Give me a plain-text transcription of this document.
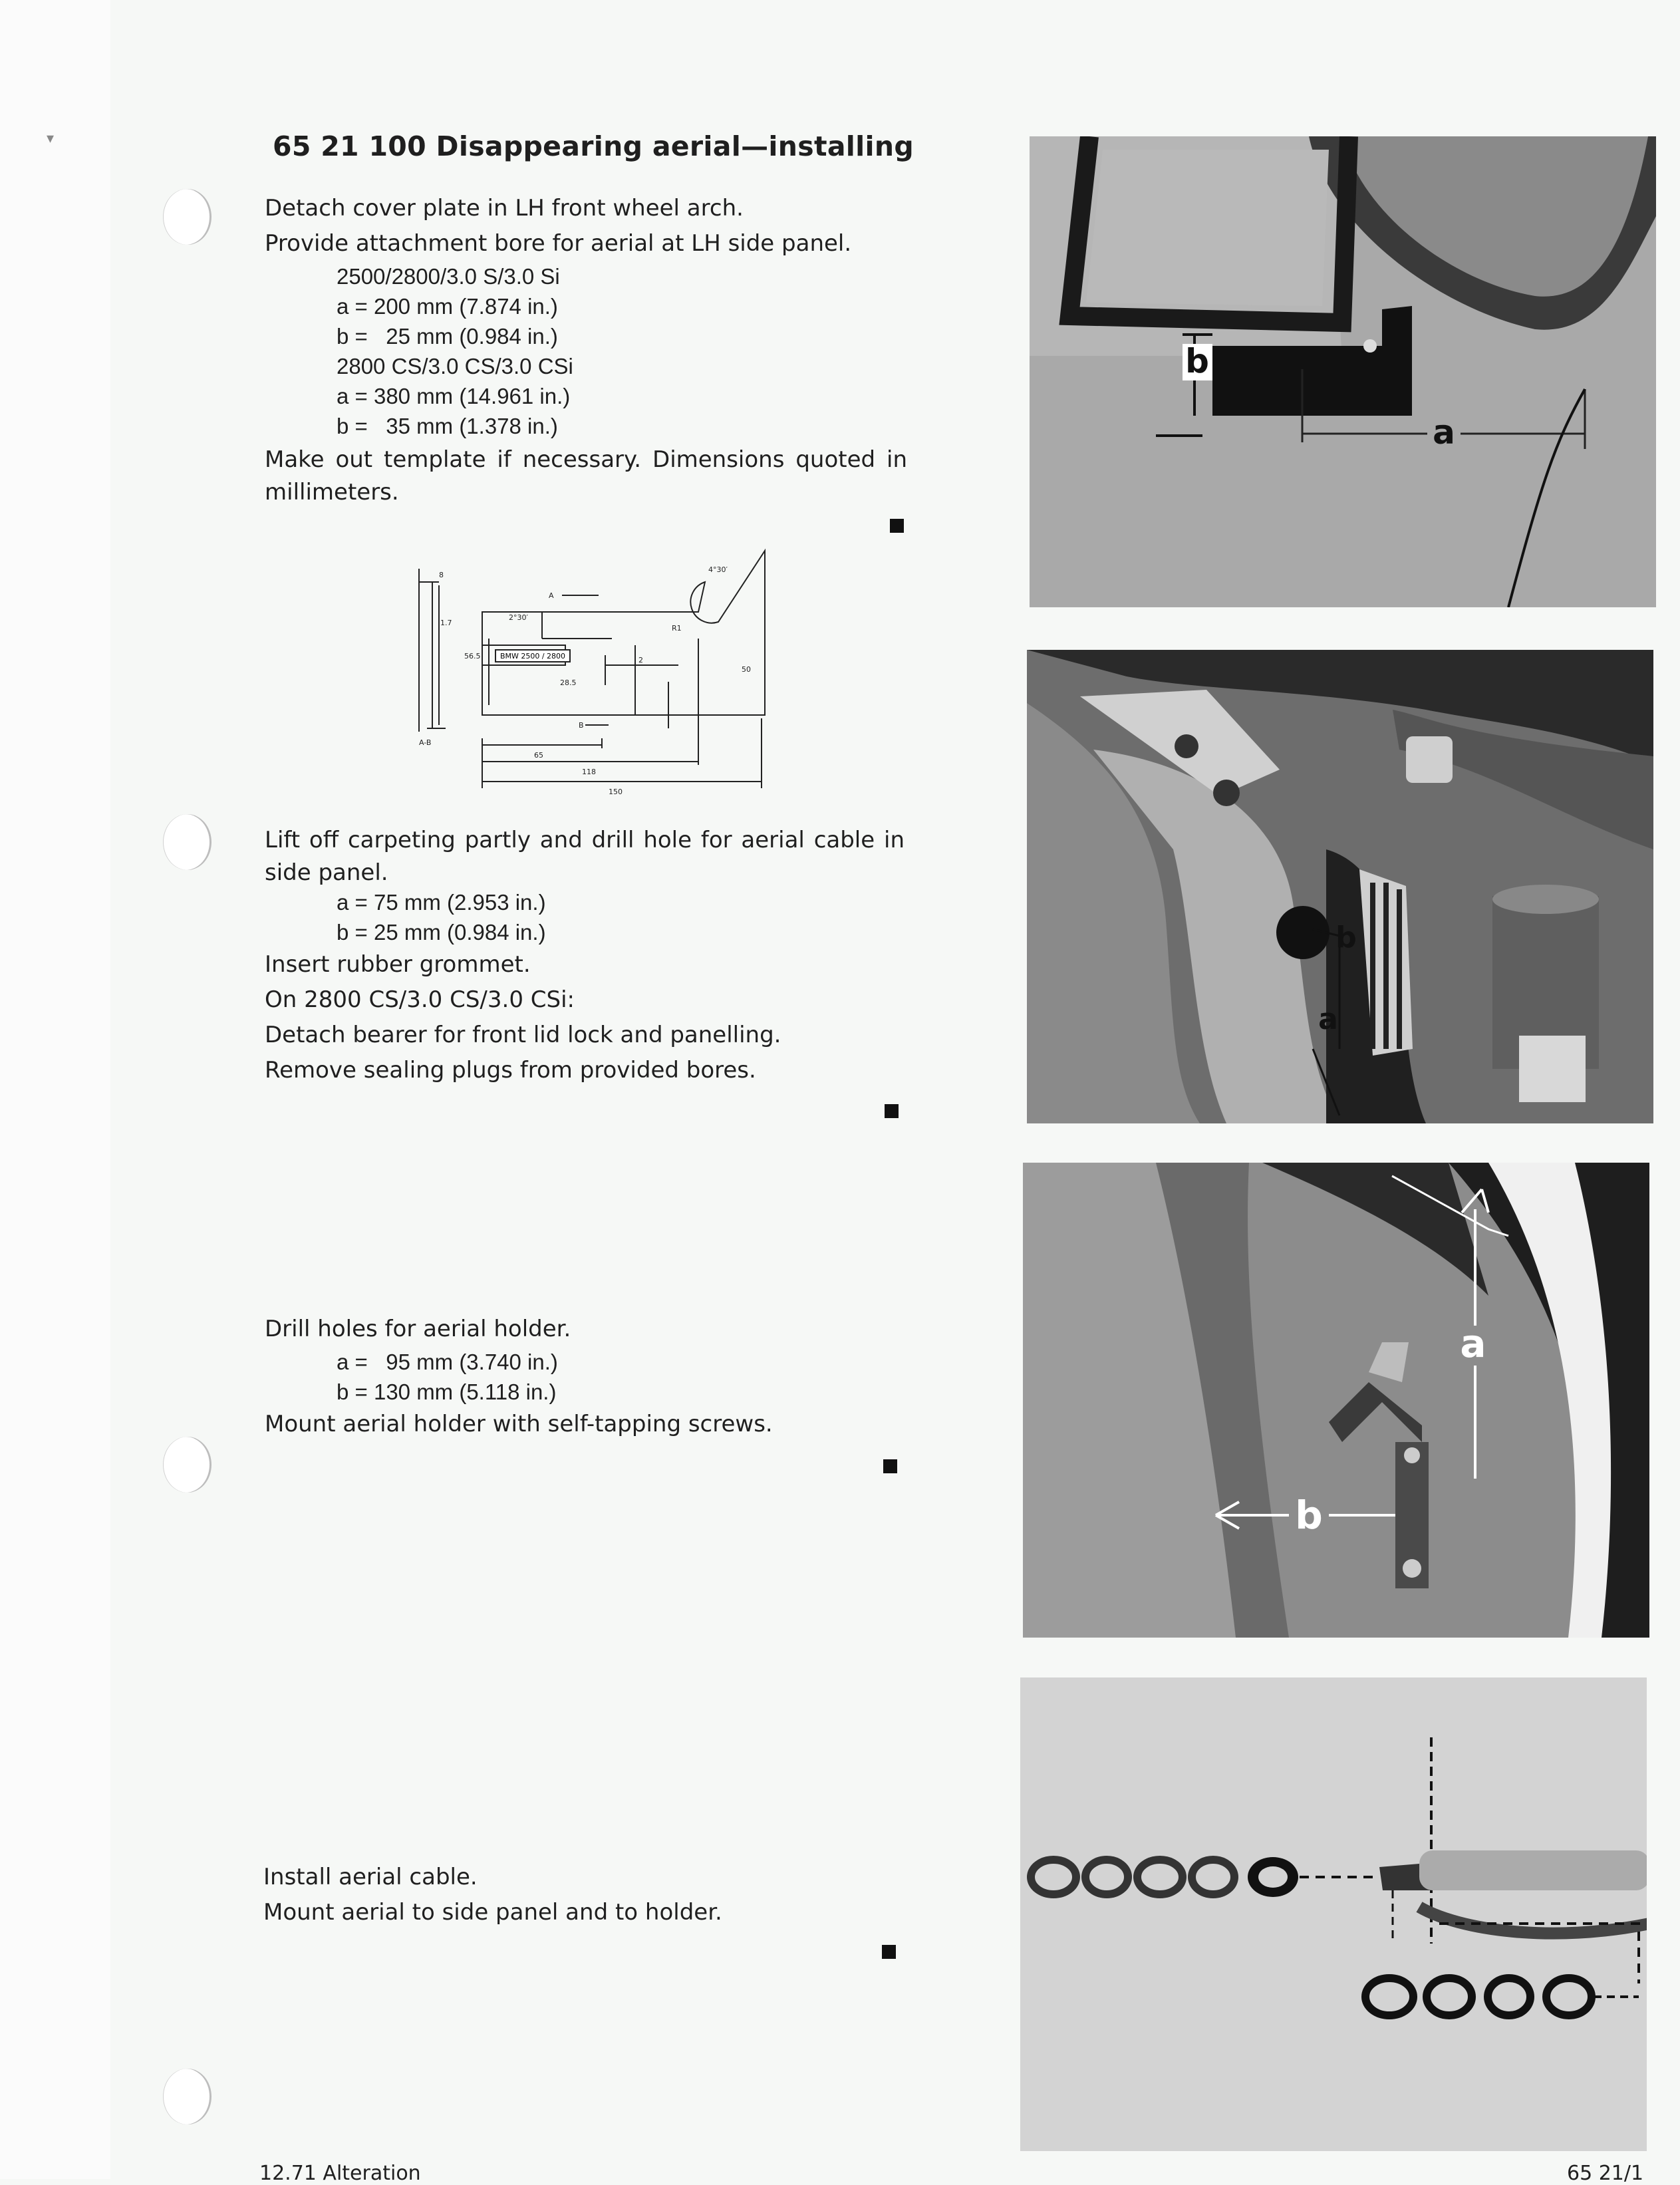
▾	65 21 100 Disappearing aerial—installing
Detach cover plate in LH front wheel arch.
Provide attachment bore for aerial at LH side panel.
2500/2800/3.0 S/3.0 Si
a = 200 mm (7.874 in.)
b =   25 mm (0.984 in.)
2800 CS/3.0 CS/3.0 CSi
a = 380 mm (14.961 in.)
b =   35 mm (1.378 in.)
Make out template if necessary. Dimensions quoted in
millimeters.
BMW 2500 / 2800
65
118
150
50
56.5
28.5
8
2
1.7
4°30′
2°30′
R1
A
B
A-B
Lift off carpeting partly and drill hole for aerial cable in
side panel.
a = 75 mm (2.953 in.)
b = 25 mm (0.984 in.)
Insert rubber grommet.
On 2800 CS/3.0 CS/3.0 CSi:
Detach bearer for front lid lock and panelling.
Remove sealing plugs from provided bores.
Drill holes for aerial holder.
a =   95 mm (3.740 in.)
b = 130 mm (5.118 in.)
Mount aerial holder with self-tapping screws.
Install aerial cable.
Mount aerial to side panel and to holder.
b
a
b
a
a
b
12.71 Alteration	65 21/1
